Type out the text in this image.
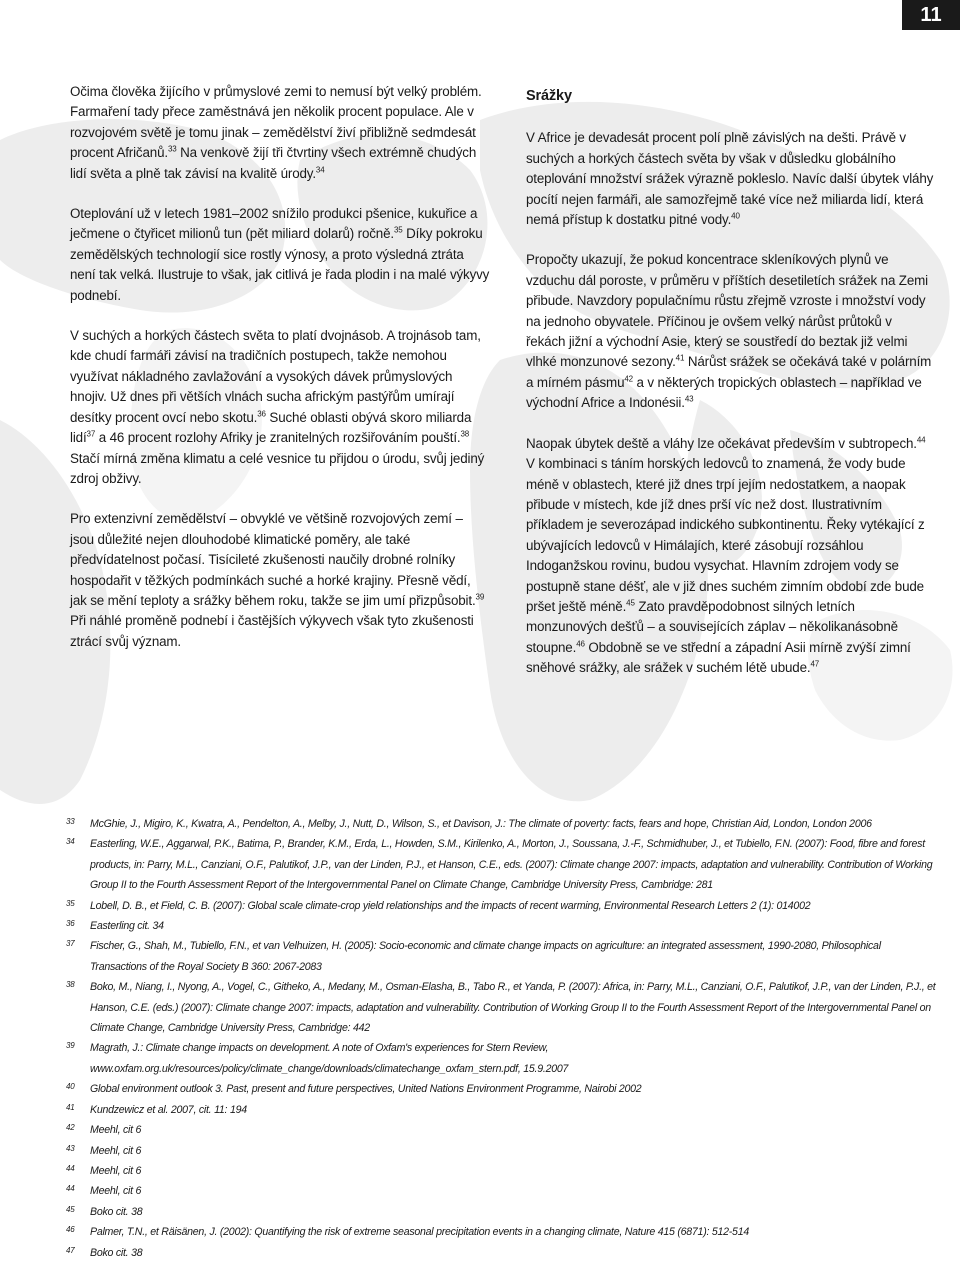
11

Očima člověka žijícího v průmyslové zemi to nemusí být velký problém. Farmaření tady přece zaměstnává jen několik procent populace. Ale v rozvojovém světě je tomu jinak – zemědělství živí přibližně sedmdesát procent Afričanů.$^{33}$ Na venkově žijí tři čtvrtiny všech extrémně chudých lidí světa a plně tak závisí na kvalitě úrody.$^{34}$

Oteplování už v letech 1981–2002 snížilo produkci pšenice, kukuřice a ječmene o čtyřicet milionů tun (pět miliard dolarů) ročně.$^{35}$ Díky pokroku zemědělských technologií sice rostly výnosy, a proto výsledná ztráta není tak velká. Ilustruje to však, jak citlivá je řada plodin i na malé výkyvy podnebí.

V suchých a horkých částech světa to platí dvojnásob. A trojnásob tam, kde chudí farmáři závisí na tradičních postupech, takže nemohou využívat nákladného zavlažování a vysokých dávek průmyslových hnojiv. Už dnes při větších vlnách sucha africkým pastýřům umírají desítky procent ovcí nebo skotu.$^{36}$ Suché oblasti obývá skoro miliarda lidí$^{37}$ a 46 procent rozlohy Afriky je zranitelných rozšiřováním pouští.$^{38}$ Stačí mírná změna klimatu a celé vesnice tu přijdou o úrodu, svůj jediný zdroj obživy.

Pro extenzivní zemědělství – obvyklé ve většině rozvojových zemí – jsou důležité nejen dlouhodobé klimatické poměry, ale také předvídatelnost počasí. Tisícileté zkušenosti naučily drobné rolníky hospodařit v těžkých podmínkách suché a horké krajiny. Přesně vědí, jak se mění teploty a srážky během roku, takže se jim umí přizpůsobit.$^{39}$ Při náhlé proměně podnebí i častějších výkyvech však tyto zkušenosti ztrácí svůj význam.

Srážky

V Africe je devadesát procent polí plně závislých na dešti. Právě v suchých a horkých částech světa by však v důsledku globálního oteplování množství srážek výrazně pokleslo. Navíc další úbytek vláhy pocítí nejen farmáři, ale samozřejmě také více než miliarda lidí, která nemá přístup k dostatku pitné vody.$^{40}$

Propočty ukazují, že pokud koncentrace skleníkových plynů ve vzduchu dál poroste, v průměru v příštích desetiletích srážek na Zemi přibude. Navzdory populačnímu růstu zřejmě vzroste i množství vody na jednoho obyvatele. Příčinou je ovšem velký nárůst průtoků v řekách jižní a východní Asie, který se soustředí do beztak již velmi vlhké monzunové sezony.$^{41}$ Nárůst srážek se očekává také v polárním a mírném pásmu$^{42}$ a v některých tropických oblastech – například ve východní Africe a Indonésii.$^{43}$

Naopak úbytek deště a vláhy lze očekávat především v subtropech.$^{44}$ V kombinaci s táním horských ledovců to znamená, že vody bude méně v oblastech, které již dnes trpí jejím nedostatkem, a naopak přibude v místech, kde jíž dnes prší víc než dost. Ilustrativním příkladem je severozápad indického subkontinentu. Řeky vytékající z ubývajících ledovců v Himálajích, které zásobují rozsáhlou Indoganžskou rovinu, budou vysychat. Hlavním zdrojem vody se postupně stane déšť, ale v již dnes suchém zimním období zde bude pršet ještě méně.$^{45}$ Zato pravděpodobnost silných letních monzunových dešťů – a souvisejících záplav – několikanásobně stoupne.$^{46}$ Obdobně se ve střední a západní Asii mírně zvýší zimní sněhové srážky, ale srážek v suchém létě ubude.$^{47}$

33	McGhie, J., Migiro, K., Kwatra, A., Pendelton, A., Melby, J., Nutt, D., Wilson, S., et Davison, J.: The climate of poverty: facts, fears and hope, Christian Aid, London, London 2006
34	Easterling, W.E., Aggarwal, P.K., Batima, P., Brander, K.M., Erda, L., Howden, S.M., Kirilenko, A., Morton, J., Soussana, J.-F., Schmidhuber, J., et Tubiello, F.N. (2007): Food, fibre and forest products, in: Parry, M.L., Canziani, O.F., Palutikof, J.P., van der Linden, P.J., et Hanson, C.E., eds. (2007): Climate change 2007: impacts, adaptation and vulnerability. Contribution of Working Group II to the Fourth Assessment Report of the Intergovernmental Panel on Climate Change, Cambridge University Press, Cambridge: 281
35	Lobell, D. B., et Field, C. B. (2007): Global scale climate-crop yield relationships and the impacts of recent warming, Environmental Research Letters 2 (1): 014002
36	Easterling cit. 34
37	Fischer, G., Shah, M., Tubiello, F.N., et van Velhuizen, H. (2005): Socio-economic and climate change impacts on agriculture: an integrated assessment, 1990-2080, Philosophical Transactions of the Royal Society B 360: 2067-2083
38	Boko, M., Niang, I., Nyong, A., Vogel, C., Githeko, A., Medany, M., Osman-Elasha, B., Tabo R., et Yanda, P. (2007): Africa, in: Parry, M.L., Canziani, O.F., Palutikof, J.P., van der Linden, P.J., et Hanson, C.E. (eds.) (2007): Climate change 2007: impacts, adaptation and vulnerability. Contribution of Working Group II to the Fourth Assessment Report of the Intergovernmental Panel on Climate Change, Cambridge University Press, Cambridge: 442
39	Magrath, J.: Climate change impacts on development. A note of Oxfam's experiences for Stern Review, www.oxfam.org.uk/resources/policy/climate_change/downloads/climatechange_oxfam_stern.pdf, 15.9.2007
40	Global environment outlook 3. Past, present and future perspectives, United Nations Environment Programme, Nairobi 2002
41	Kundzewicz et al. 2007, cit. 11: 194
42	Meehl, cit 6
43	Meehl, cit 6
44	Meehl, cit 6
44	Meehl, cit 6
45	Boko cit. 38
46	Palmer, T.N., et Räisänen, J. (2002): Quantifying the risk of extreme seasonal precipitation events in a changing climate, Nature 415 (6871): 512-514
47	Boko cit. 38
